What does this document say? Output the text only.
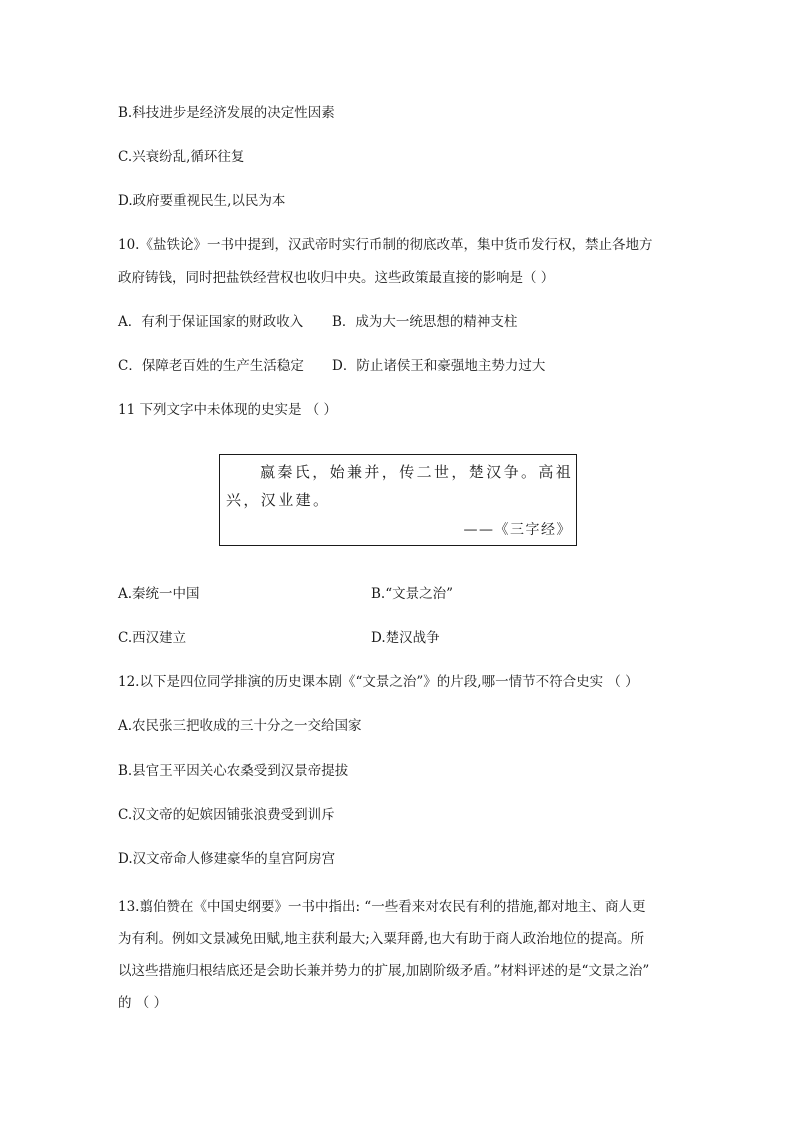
B.科技进步是经济发展的决定性因素
C.兴衰纷乱,循环往复
D.政府要重视民生,以民为本
10.《盐铁论》一书中提到，汉武帝时实行币制的彻底改革，集中货币发行权，禁止各地方
政府铸钱，同时把盐铁经营权也收归中央。这些政策最直接的影响是（ ）
A．有利于保证国家的财政收入 B．成为大一统思想的精神支柱
C．保障老百姓的生产生活稳定 D．防止诸侯王和豪强地主势力过大
11 下列文字中未体现的史实是 （ ）
嬴秦氏，始兼并，传二世，楚汉争。高祖
兴，汉业建。
——《三字经》
A.秦统一中国	B.“文景之治”
C.西汉建立	D.楚汉战争
12.以下是四位同学排演的历史课本剧《“文景之治”》的片段,哪一情节不符合史实 （ ）
A.农民张三把收成的三十分之一交给国家
B.县官王平因关心农桑受到汉景帝提拔
C.汉文帝的妃嫔因铺张浪费受到训斥
D.汉文帝命人修建豪华的皇宫阿房宫
13.翦伯赞在《中国史纲要》一书中指出: “一些看来对农民有利的措施,都对地主、商人更
为有利。例如文景减免田赋,地主获利最大;入粟拜爵,也大有助于商人政治地位的提高。所
以这些措施归根结底还是会助长兼并势力的扩展,加剧阶级矛盾。”材料评述的是“文景之治”
的 （ ）
